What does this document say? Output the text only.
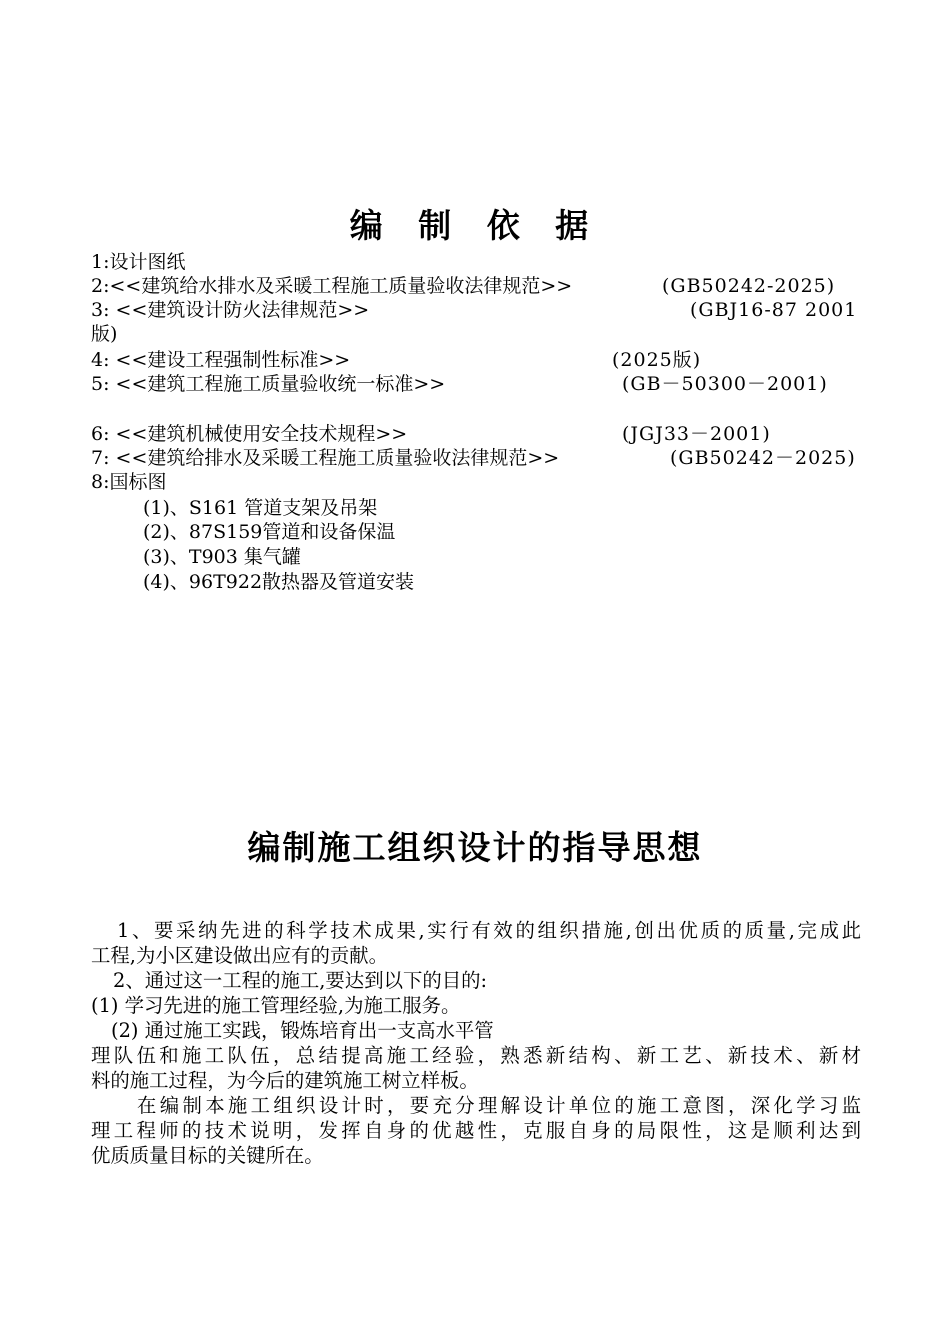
编 制 依 据
1:设计图纸
2:<<建筑给水排水及采暖工程施工质量验收法律规范>>	(GB50242-2025)
3: <<建筑设计防火法律规范>>	(GBJ16-87 2001
版)
4: <<建设工程强制性标准>>	(2025版)
5: <<建筑工程施工质量验收统一标准>>	(GB－50300－2001)
6: <<建筑机械使用安全技术规程>>	(JGJ33－2001)
7: <<建筑给排水及采暖工程施工质量验收法律规范>>	(GB50242－2025)
8:国标图
(1)、S161 管道支架及吊架
(2)、87S159管道和设备保温
(3)、T903 集气罐
(4)、96T922散热器及管道安装
编制施工组织设计的指导思想
1、要采纳先进的科学技术成果,实行有效的组织措施,创出优质的质量,完成此
工程,为小区建设做出应有的贡献。
2、通过这一工程的施工,要达到以下的目的:
(1) 学习先进的施工管理经验,为施工服务。
(2) 通过施工实践，锻炼培育出一支高水平管
理队伍和施工队伍，总结提高施工经验，熟悉新结构、新工艺、新技术、新材
料的施工过程，为今后的建筑施工树立样板。
在编制本施工组织设计时，要充分理解设计单位的施工意图，深化学习监
理工程师的技术说明，发挥自身的优越性，克服自身的局限性，这是顺利达到
优质质量目标的关键所在。
